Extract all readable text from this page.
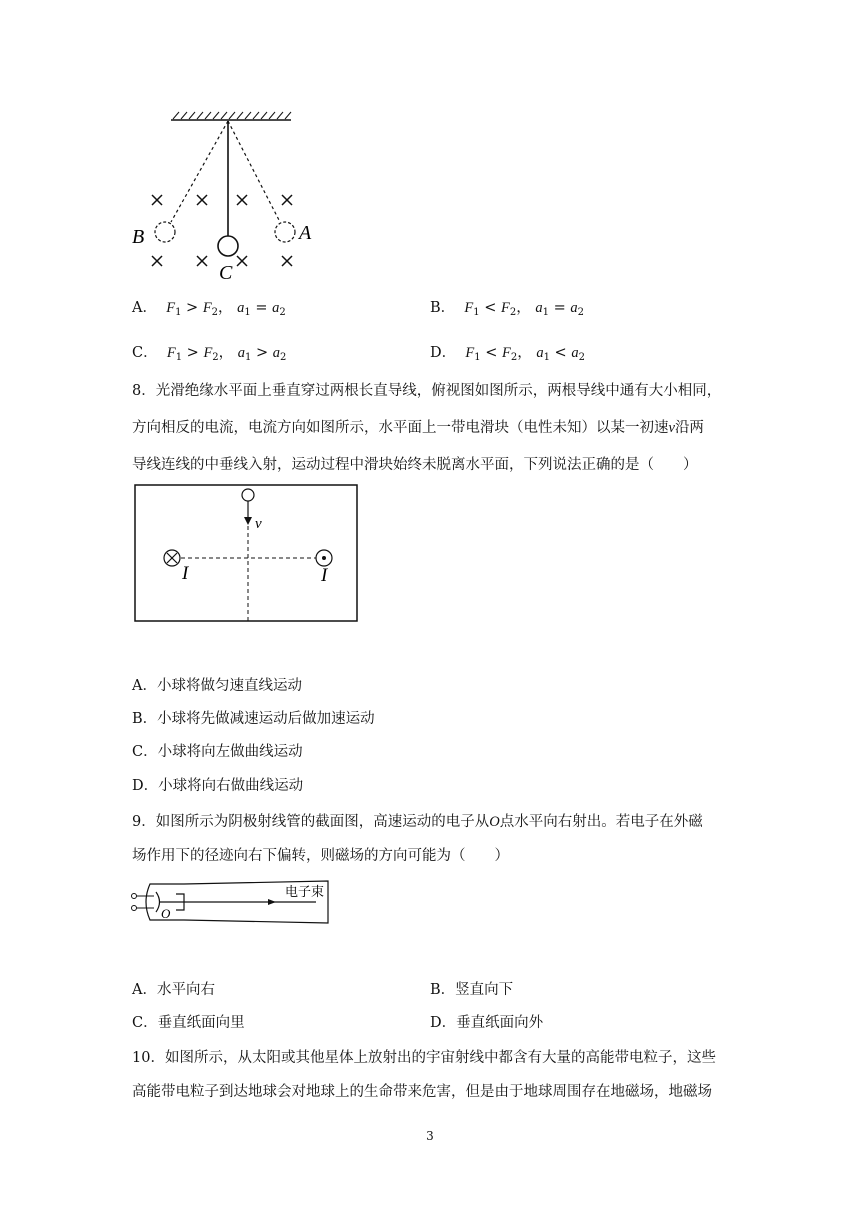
B	A
C
A． $F_1 > F_2$， $a_1 = a_2$	B． $F_1 < F_2$， $a_1 = a_2$
C． $F_1 > F_2$， $a_1 > a_2$	D． $F_1 < F_2$， $a_1 < a_2$
8．光滑绝缘水平面上垂直穿过两根长直导线，俯视图如图所示，两根导线中通有大小相同，
方向相反的电流，电流方向如图所示，水平面上一带电滑块（电性未知）以某一初速v沿两
导线连线的中垂线入射，运动过程中滑块始终未脱离水平面，下列说法正确的是（　　）
v
I	I
A．小球将做匀速直线运动
B．小球将先做减速运动后做加速运动
C．小球将向左做曲线运动
D．小球将向右做曲线运动
9．如图所示为阴极射线管的截面图，高速运动的电子从O点水平向右射出。若电子在外磁
场作用下的径迹向右下偏转，则磁场的方向可能为（　　）
电子束
O
A．水平向右	B．竖直向下
C．垂直纸面向里	D．垂直纸面向外
10．如图所示，从太阳或其他星体上放射出的宇宙射线中都含有大量的高能带电粒子，这些
高能带电粒子到达地球会对地球上的生命带来危害，但是由于地球周围存在地磁场，地磁场
3
